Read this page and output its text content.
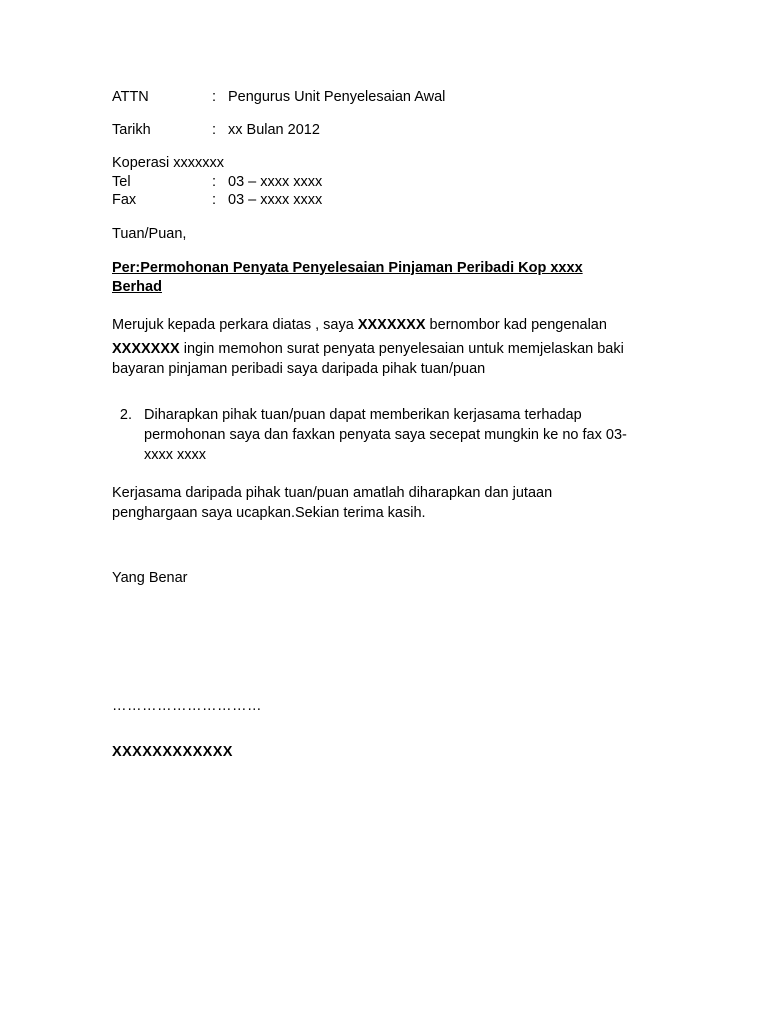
ATTN	: Pengurus Unit Penyelesaian Awal
Tarikh	: xx Bulan 2012
Koperasi xxxxxxx
Tel	: 03 – xxxx xxxx
Fax	: 03 – xxxx xxxx
Tuan/Puan,
Per:Permohonan Penyata Penyelesaian Pinjaman Peribadi Kop xxxx Berhad
Merujuk kepada perkara diatas , saya XXXXXXX bernombor kad pengenalan
XXXXXXX ingin memohon surat penyata penyelesaian untuk memjelaskan baki bayaran pinjaman peribadi saya daripada pihak tuan/puan
2. Diharapkan pihak tuan/puan dapat memberikan kerjasama terhadap permohonan saya dan faxkan penyata saya secepat mungkin ke no fax 03-xxxx xxxx
Kerjasama daripada pihak tuan/puan amatlah diharapkan dan jutaan penghargaan saya ucapkan.Sekian terima kasih.
Yang Benar
…………………………
XXXXXXXXXXXX
